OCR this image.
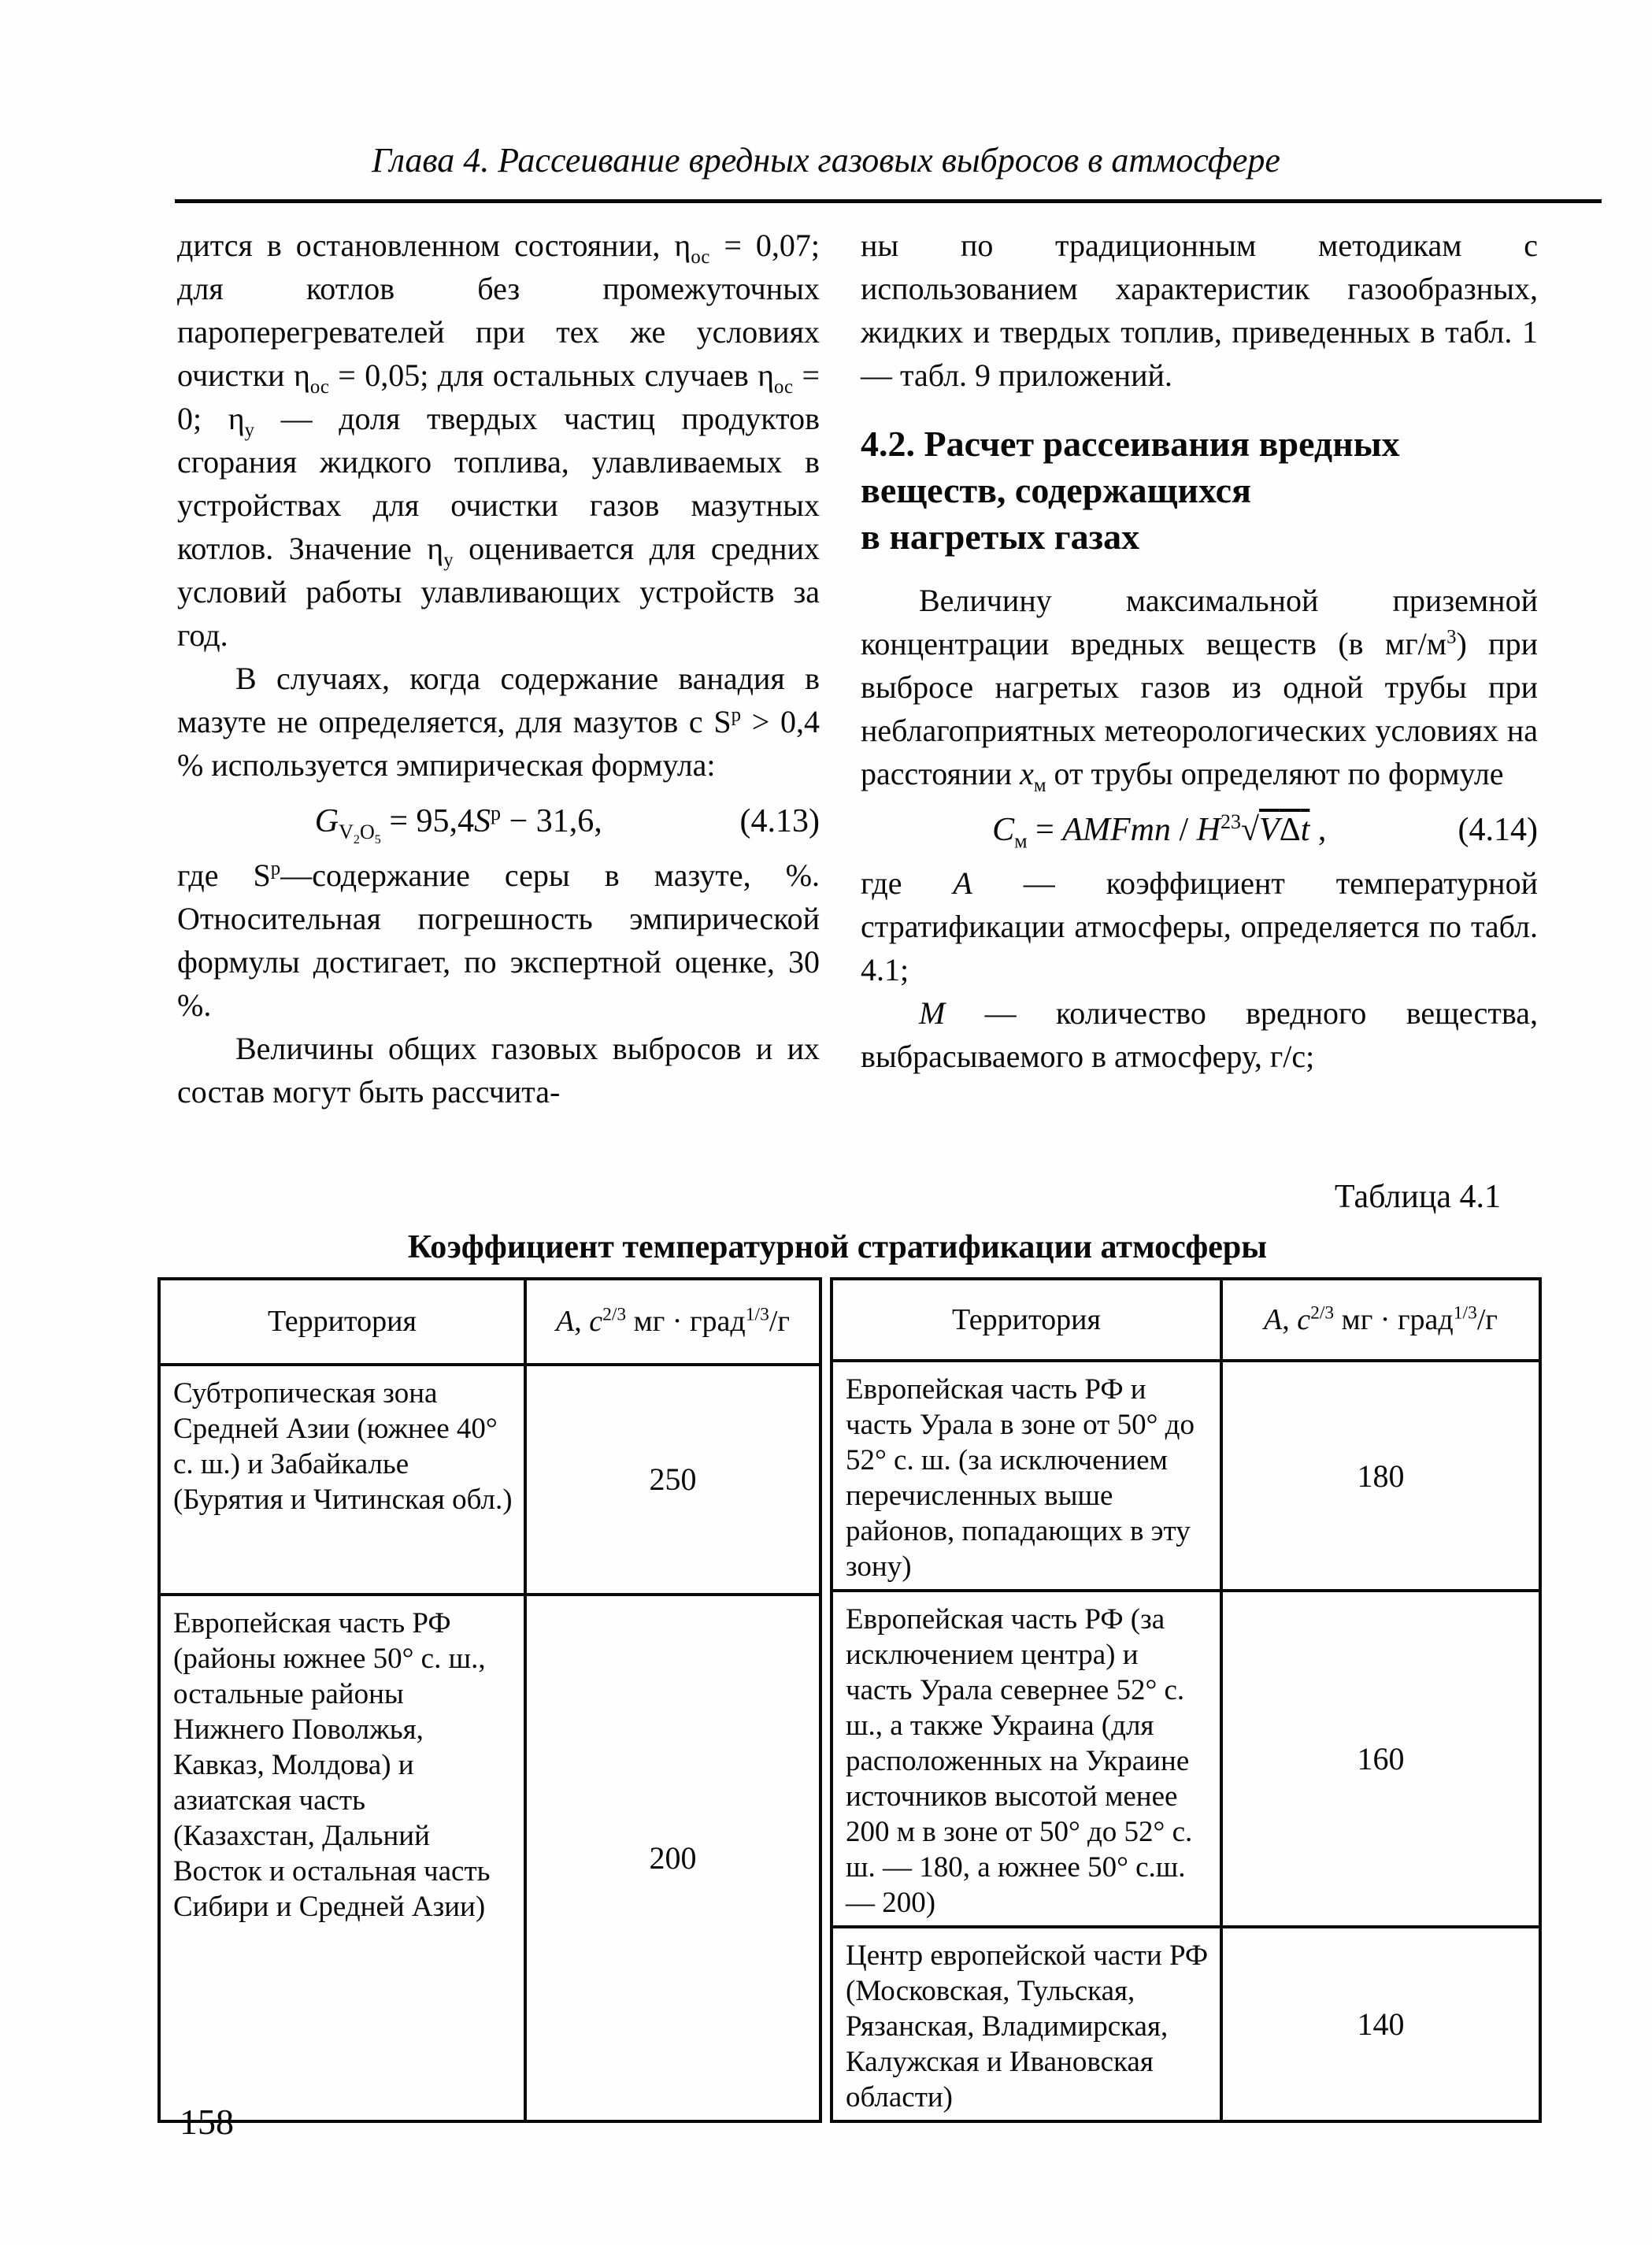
Глава 4. Рассеивание вредных газовых выбросов в атмосфере

дится в остановленном состоянии, $\eta_{ос} = 0,07$; для котлов без промежуточных пароперегревателей при тех же условиях очистки $\eta_{ос} = 0,05$; для остальных случаев $\eta_{ос} = 0$; $\eta_у$ — доля твердых частиц продуктов сгорания жидкого топлива, улавливаемых в устройствах для очистки газов мазутных котлов. Значение $\eta_у$ оценивается для средних условий работы улавливающих устройств за год.

В случаях, когда содержание ванадия в мазуте не определяется, для мазутов с $S^р > 0,4$ % используется эмпирическая формула:

$G_{V_2O_5} = 95,4S^р - 31,6$,	(4.13)

где $S^р—содержание$ серы в мазуте, %. Относительная погрешность эмпирической формулы достигает, по экспертной оценке, 30 %.

Величины общих газовых выбросов и их состав могут быть рассчита-

ны по традиционным методикам с использованием характеристик газообразных, жидких и твердых топлив, приведенных в табл. 1 — табл. 9 приложений.

4.2. Расчет рассеивания вредных веществ, содержащихся
в нагретых газах

Величину максимальной приземной концентрации вредных веществ (в $мг/м^3$) при выбросе нагретых газов из одной трубы при неблагоприятных метеорологических условиях на расстоянии $x_м$ от трубы определяют по формуле

$C_м$ = AMFmn / $H^{23}√V\Delta t$ ,	(4.14)

где A — коэффициент температурной стратификации атмосферы, определяется по табл. 4.1;

М — количество вредного вещества, выбрасываемого в атмосферу, г/с;

Таблица 4.1
Коэффициент температурной стратификации атмосферы
Территория	A, $c^{2/3}$ мг · град$^{1/3}$/г
Субтропическая зона Средней Азии (южнее 40° с. ш.) и Забайкалье (Бурятия и Читинская обл.)	250
Европейская часть РФ (районы южнее 50° с. ш., остальные районы Нижнего Поволжья, Кавказ, Молдова) и азиатская часть (Казахстан, Дальний Восток и остальная часть Сибири и Средней Азии)	200
Территория	A, $c^{2/3}$ мг · град$^{1/3}$/г
Европейская часть РФ и часть Урала в зоне от 50° до 52° с. ш. (за исключением перечисленных выше районов, попадающих в эту зону)	180
Европейская часть РФ (за исключением центра) и часть Урала севернее 52° с. ш., а также Украина (для расположенных на Украине источников высотой менее 200 м в зоне от 50° до 52° с. ш. — 180, а южнее 50° с.ш. — 200)	160
Центр европейской части РФ (Московская, Тульская, Рязанская, Владимирская, Калужская и Ивановская области)	140
158
